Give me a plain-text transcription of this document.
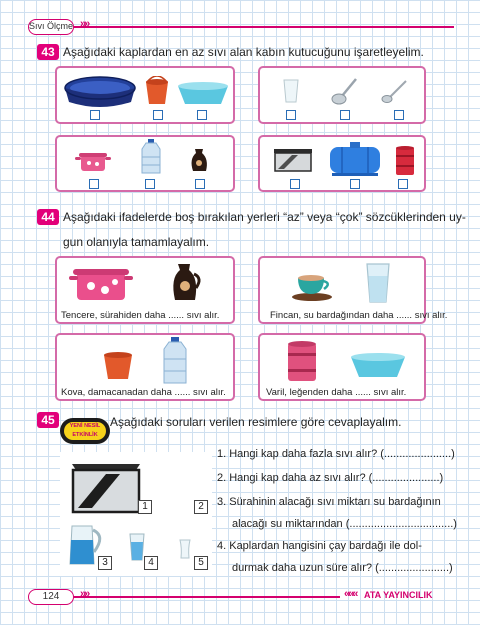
Sıvı Ölçme »»
43 Aşağıdaki kaplardan en az sıvı alan kabın kutucuğunu işaretleyelim.
44 Aşağıdaki ifadelerde boş bırakılan yerleri “az” veya “çok” sözcüklerinden uy-
gun olanıyla tamamlayalım.
Tencere, sürahiden daha ...... sıvı alır.	Fincan, su bardağından daha ...... sıvı alır.
Kova, damacanadan daha ...... sıvı alır.	Varil, leğenden daha ...... sıvı alır.
45	YENİ NESİL ETKİNLİK
Aşağıdaki soruları verilen resimlere göre cevaplayalım.
1	2
3	4	5
1. Hangi kap daha fazla sıvı alır? (......................)
2. Hangi kap daha az sıvı alır? (......................)
3. Sürahinin alacağı sıvı miktarı su bardağının
alacağı su miktarından (..................................)
4. Kaplardan hangisini çay bardağı ile dol-
durmak daha uzun süre alır? (.......................)
124	»»	««« ATA YAYINCILIK
